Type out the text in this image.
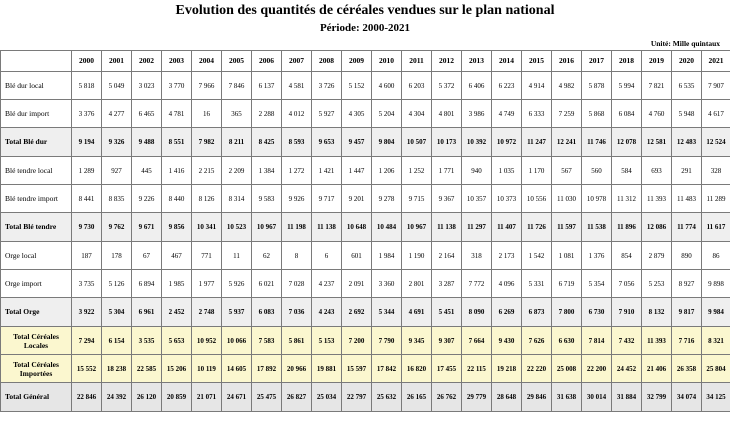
Evolution des quantités de céréales vendues sur le plan national
Période: 2000-2021
Unité: Mille quintaux
	2000	2001	2002	2003	2004	2005	2006	2007	2008	2009	2010	2011	2012	2013	2014	2015	2016	2017	2018	2019	2020	2021
Blé dur local	5 818	5 049	3 023	3 770	7 966	7 846	6 137	4 581	3 726	5 152	4 600	6 203	5 372	6 406	6 223	4 914	4 982	5 878	5 994	7 821	6 535	7 907
Blé dur import	3 376	4 277	6 465	4 781	16	365	2 288	4 012	5 927	4 305	5 204	4 304	4 801	3 986	4 749	6 333	7 259	5 868	6 084	4 760	5 948	4 617
Total Blé dur	9 194	9 326	9 488	8 551	7 982	8 211	8 425	8 593	9 653	9 457	9 804	10 507	10 173	10 392	10 972	11 247	12 241	11 746	12 078	12 581	12 483	12 524
Blé tendre local	1 289	927	445	1 416	2 215	2 209	1 384	1 272	1 421	1 447	1 206	1 252	1 771	940	1 035	1 170	567	560	584	693	291	328
Blé tendre import	8 441	8 835	9 226	8 440	8 126	8 314	9 583	9 926	9 717	9 201	9 278	9 715	9 367	10 357	10 373	10 556	11 030	10 978	11 312	11 393	11 483	11 289
Total Blé tendre	9 730	9 762	9 671	9 856	10 341	10 523	10 967	11 198	11 138	10 648	10 484	10 967	11 138	11 297	11 407	11 726	11 597	11 538	11 896	12 086	11 774	11 617
Orge local	187	178	67	467	771	11	62	8	6	601	1 984	1 190	2 164	318	2 173	1 542	1 081	1 376	854	2 879	890	86
Orge import	3 735	5 126	6 894	1 985	1 977	5 926	6 021	7 028	4 237	2 091	3 360	2 801	3 287	7 772	4 096	5 331	6 719	5 354	7 056	5 253	8 927	9 898
Total Orge	3 922	5 304	6 961	2 452	2 748	5 937	6 083	7 036	4 243	2 692	5 344	4 691	5 451	8 090	6 269	6 873	7 800	6 730	7 910	8 132	9 817	9 984
Total Céréales Locales	7 294	6 154	3 535	5 653	10 952	10 066	7 583	5 861	5 153	7 200	7 790	9 345	9 307	7 664	9 430	7 626	6 630	7 814	7 432	11 393	7 716	8 321
Total Céréales Importées	15 552	18 238	22 585	15 206	10 119	14 605	17 892	20 966	19 881	15 597	17 842	16 820	17 455	22 115	19 218	22 220	25 008	22 200	24 452	21 406	26 358	25 804
Total Général	22 846	24 392	26 120	20 859	21 071	24 671	25 475	26 827	25 034	22 797	25 632	26 165	26 762	29 779	28 648	29 846	31 638	30 014	31 884	32 799	34 074	34 125
